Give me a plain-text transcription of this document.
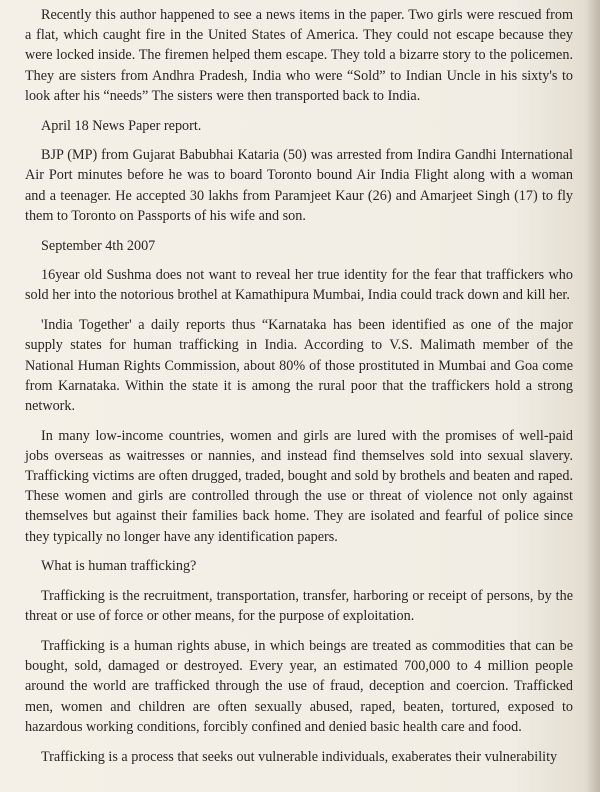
Recently this author happened to see a news items in the paper. Two girls were rescued from a flat, which caught fire in the United States of America. They could not escape because they were locked inside. The firemen helped them escape. They told a bizarre story to the policemen. They are sisters from Andhra Pradesh, India who were “Sold” to Indian Uncle in his sixty's to look after his “needs” The sisters were then transported back to India.

April 18 News Paper report.

BJP (MP) from Gujarat Babubhai Kataria (50) was arrested from Indira Gandhi International Air Port minutes before he was to board Toronto bound Air India Flight along with a woman and a teenager. He accepted 30 lakhs from Paramjeet Kaur (26) and Amarjeet Singh (17) to fly them to Toronto on Passports of his wife and son.

September 4th 2007

16year old Sushma does not want to reveal her true identity for the fear that traffickers who sold her into the notorious brothel at Kamathipura Mumbai, India could track down and kill her.

'India Together' a daily reports thus “Karnataka has been identified as one of the major supply states for human trafficking in India. According to V.S. Malimath member of the National Human Rights Commission, about 80% of those prostituted in Mumbai and Goa come from Karnataka. Within the state it is among the rural poor that the traffickers hold a strong network.

In many low-income countries, women and girls are lured with the promises of well-paid jobs overseas as waitresses or nannies, and instead find themselves sold into sexual slavery. Trafficking victims are often drugged, traded, bought and sold by brothels and beaten and raped. These women and girls are controlled through the use or threat of violence not only against themselves but against their families back home. They are isolated and fearful of police since they typically no longer have any identification papers.

What is human trafficking?

Trafficking is the recruitment, transportation, transfer, harboring or receipt of persons, by the threat or use of force or other means, for the purpose of exploitation.

Trafficking is a human rights abuse, in which beings are treated as commodities that can be bought, sold, damaged or destroyed. Every year, an estimated 700,000 to 4 million people around the world are trafficked through the use of fraud, deception and coercion. Trafficked men, women and children are often sexually abused, raped, beaten, tortured, exposed to hazardous working conditions, forcibly confined and denied basic health care and food.

Trafficking is a process that seeks out vulnerable individuals, exaberates their vulnerability
